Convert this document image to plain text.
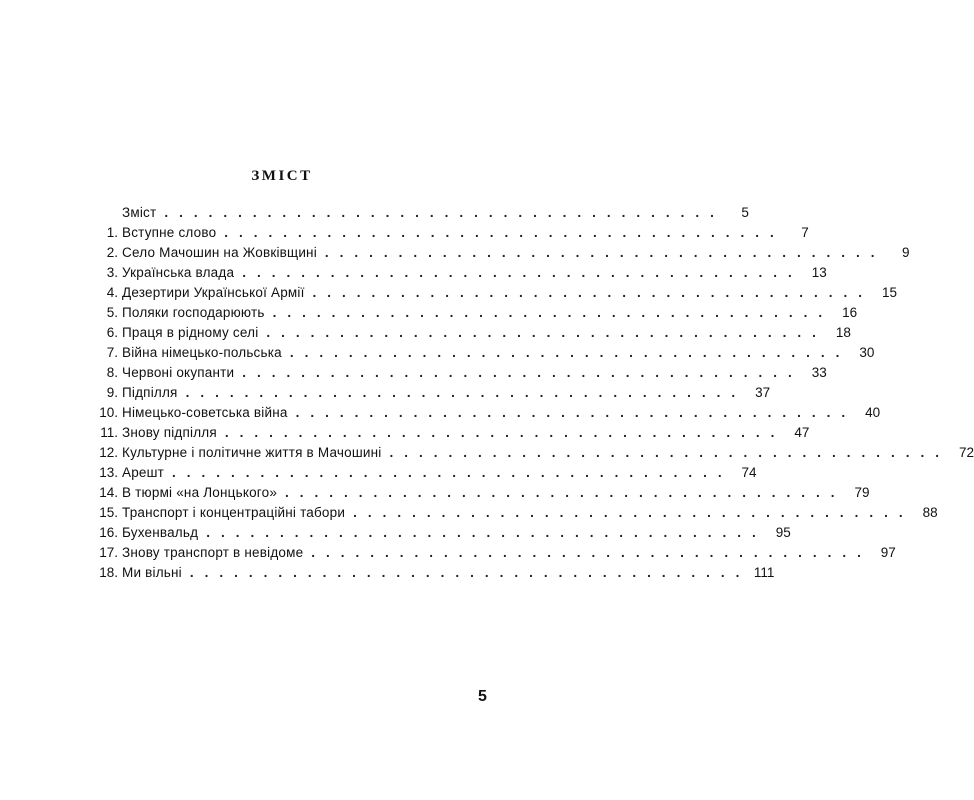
ЗМІСТ
Зміст ......................................	5
1. Вступне слово ......................................	7
2. Село Мачошин на Жовківщині ......................................	9
3. Українська влада ...................................... 13
4. Дезертири Української Армії ...................................... 15
5. Поляки господарюють ...................................... 16
6. Праця в рідному селі ...................................... 18
7. Війна німецько-польська ...................................... 30
8. Червоні окупанти ...................................... 33
9. Підпілля ...................................... 37
10. Німецько-советська війна ...................................... 40
11. Знову підпілля ...................................... 47
12. Культурне і політичне життя в Мачошині ...................................... 72
13. Арешт ...................................... 74
14. В тюрмі «на Лонцького» ...................................... 79
15. Транспорт і концентраційні табори ...................................... 88
16. Бухенвальд ...................................... 95
17. Знову транспорт в невідоме ...................................... 97
18. Ми вільні ...................................... 111
5
